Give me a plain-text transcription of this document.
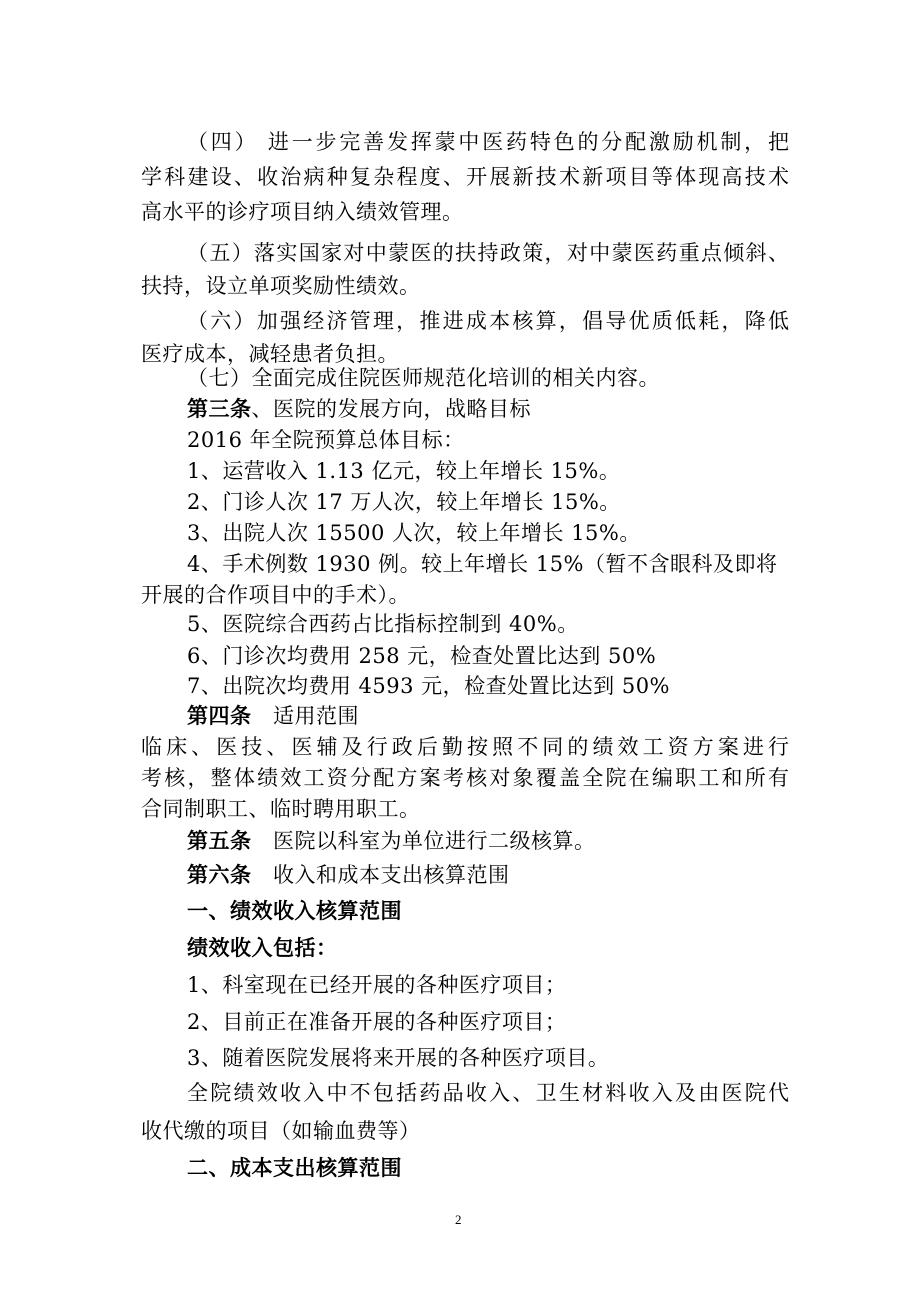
（四） 进一步完善发挥蒙中医药特色的分配激励机制，把
学科建设、收治病种复杂程度、开展新技术新项目等体现高技术
高水平的诊疗项目纳入绩效管理。
（五）落实国家对中蒙医的扶持政策，对中蒙医药重点倾斜、
扶持，设立单项奖励性绩效。
（六）加强经济管理，推进成本核算，倡导优质低耗，降低
医疗成本，减轻患者负担。
（七）全面完成住院医师规范化培训的相关内容。
第三条、医院的发展方向，战略目标
2016 年全院预算总体目标：
1、运营收入 1.13 亿元，较上年增长 15%。
2、门诊人次 17 万人次，较上年增长 15%。
3、出院人次 15500 人次，较上年增长 15%。
4、手术例数 1930 例。较上年增长 15%（暂不含眼科及即将
开展的合作项目中的手术）。
5、医院综合西药占比指标控制到 40%。
6、门诊次均费用 258 元，检查处置比达到 50%
7、出院次均费用 4593 元，检查处置比达到 50%
第四条　适用范围
临床、医技、医辅及行政后勤按照不同的绩效工资方案进行
考核，整体绩效工资分配方案考核对象覆盖全院在编职工和所有
合同制职工、临时聘用职工。
第五条　医院以科室为单位进行二级核算。
第六条　收入和成本支出核算范围
一、绩效收入核算范围
绩效收入包括：
1、科室现在已经开展的各种医疗项目；
2、目前正在准备开展的各种医疗项目；
3、随着医院发展将来开展的各种医疗项目。
全院绩效收入中不包括药品收入、卫生材料收入及由医院代
收代缴的项目（如输血费等）
二、成本支出核算范围
2
